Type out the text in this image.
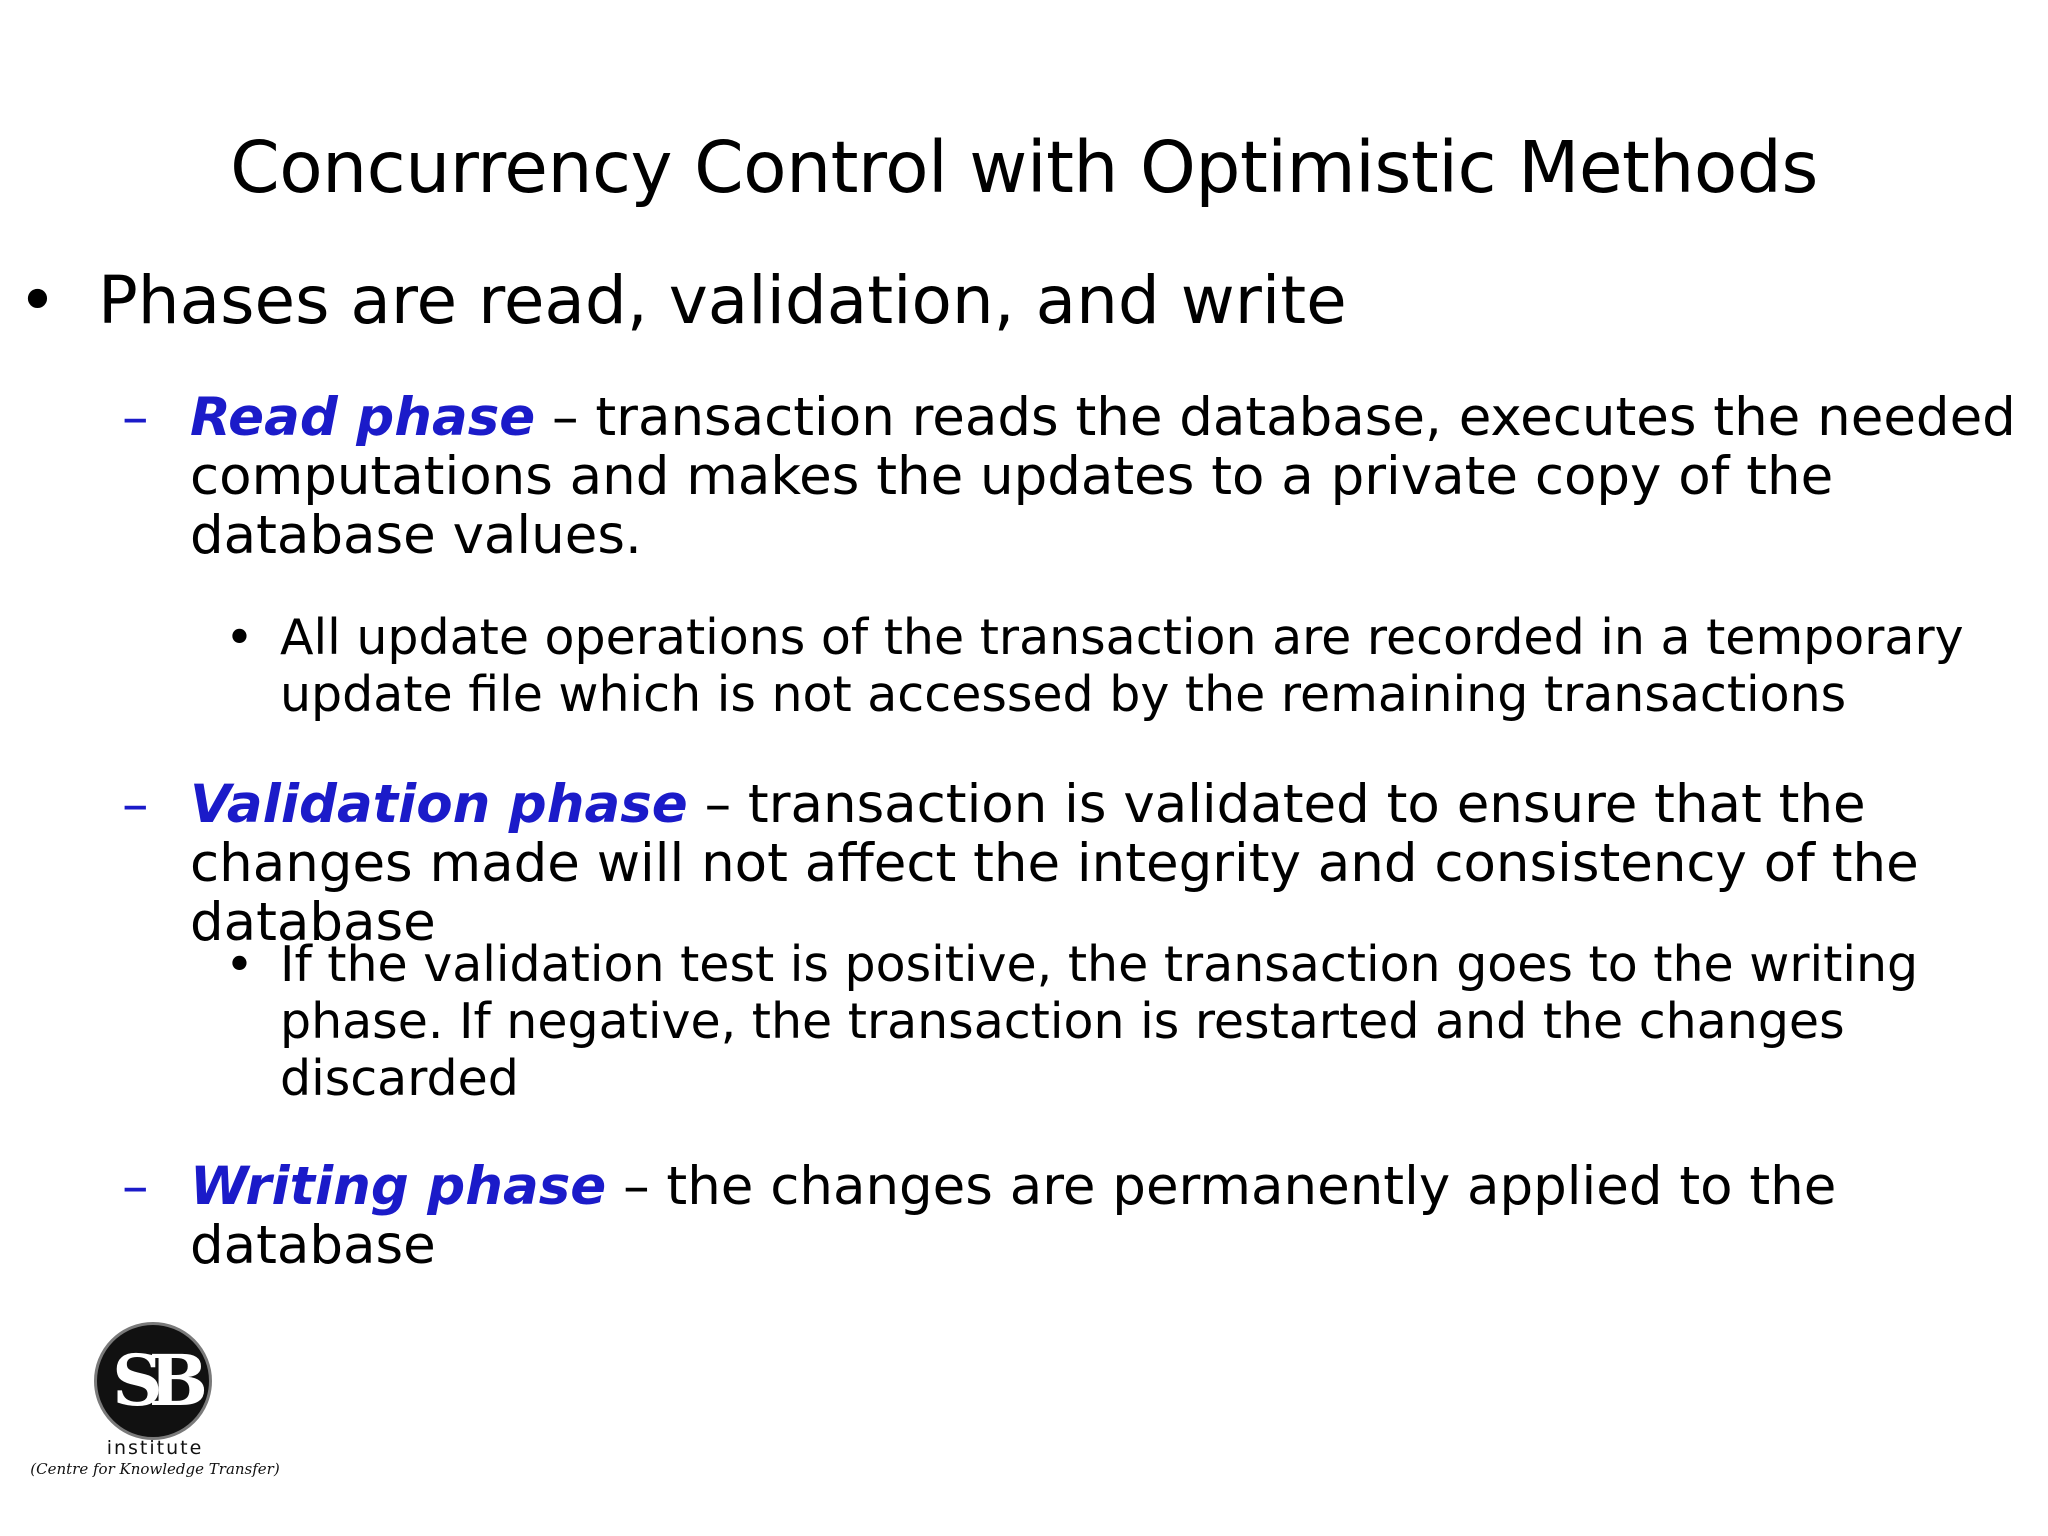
Concurrency Control with Optimistic Methods
• Phases are read, validation, and write
– Read phase – transaction reads the database, executes the needed computations and makes the updates to a private copy of the database values.
• All update operations of the transaction are recorded in a temporary update file which is not accessed by the remaining transactions
– Validation phase – transaction is validated to ensure that the changes made will not affect the integrity and consistency of the database
• If the validation test is positive, the transaction goes to the writing phase. If negative, the transaction is restarted and the changes discarded
– Writing phase – the changes are permanently applied to the database
SB
institute
(Centre for Knowledge Transfer)
